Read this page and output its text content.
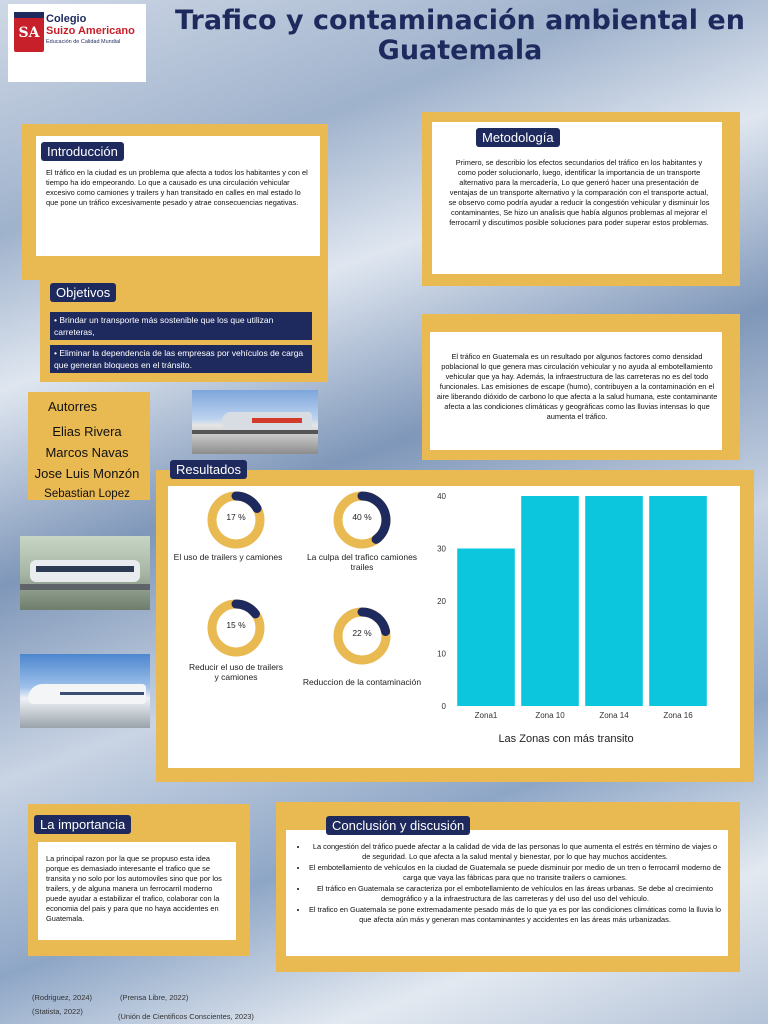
SA
Colegio
Suizo Americano
Educación de Calidad Mundial
Trafico y contaminación ambiental en Guatemala
Introducción
El tráfico en la ciudad es un problema que afecta a todos los habitantes y con el tiempo ha ido empeorando. Lo que a causado es una circulación vehicular excesivo como camiones y trailers y han transitado en calles en mal estado lo que pone un tráfico excesivamente pesado y atrae consecuencias negativas.
Objetivos
• Brindar un transporte más sostenible que los que utilizan carreteras,
• Eliminar la dependencia de las empresas por vehículos de carga que generan bloqueos en el tránsito.
Metodología
Primero, se describio los efectos secundarios del tráfico en los habitantes y como poder solucionarlo, luego, identificar la importancia de un transporte alternativo para la mercadería, Lo que generó hacer una presentación de ventajas de un transporte alternativo y la comparación con el transporte actual, se observo como podría ayudar a reducir la congestión vehicular y disminuir los contaminantes, Se hizo un analisis que había algunos problemas al mejorar el ferrocarril y discutimos posible soluciones para poder superar estos problemas.
El tráfico en Guatemala es un resultado por algunos factores como densidad poblacional lo que genera mas circulación vehicular y no ayuda al embotellamiento vehicular que ya hay. Además, la infraestructura de las carreteras no es del todo funcionales. Las emisiones de escape (humo), contribuyen a la contaminación en el aire liberando dióxido de carbono lo que afecta a la salud humana, este contaminante afecta a las condiciones climáticas y geográficas como las lluvias intensas lo que aumenta el tráfico.
Autorres
Elias Rivera
Marcos Navas
Jose Luis Monzón
Sebastian Lopez
Resultados
17 %
El uso de trailers y camiones
40 %
La culpa del trafico camiones trailes
15 %
Reducir el uso de trailers y camiones
22 %
Reduccion de la contaminación
0
10
20
30
40
Zona1	Zona 10	Zona 14	Zona 16
Las Zonas con más transito
La importancia
La principal razon por la que se propuso esta idea porque es demasiado interesante el trafico que se transita y no solo por los automoviles sino que por los trailers, y de alguna manera un ferrocarril moderno puede ayudar a estabilizar el trafico, colaborar con la economia del pais y para que no haya accidentes en Guatemala.
Conclusión y discusión
• La congestión del tráfico puede afectar a la calidad de vida de las personas lo que aumenta el estrés en término de viajes o de seguridad. Lo que afecta a la salud mental y bienestar, por lo que hay muchos accidentes.
• El embotellamiento de vehículos en la ciudad de Guatemala se puede disminuir por medio de un tren o ferrocarril moderno de carga que vaya las fábricas para que no transite trailers o camiones.
• El tráfico en Guatemala se caracteriza por el embotellamiento de vehículos en las áreas urbanas. Se debe al crecimiento demográfico y a la infraestructura de las carreteras y del uso del uso del vehículo.
• El trafico en Guatemala se pone extremadamente pesado más de lo que ya es por las condiciones climáticas como la lluvia lo que afecta aún más y generan mas contaminantes y accidentes en las áreas más urbanizadas.
(Rodriguez, 2024)	(Prensa Libre, 2022)
(Statista, 2022)
(Unión de Cientificos Conscientes, 2023)
